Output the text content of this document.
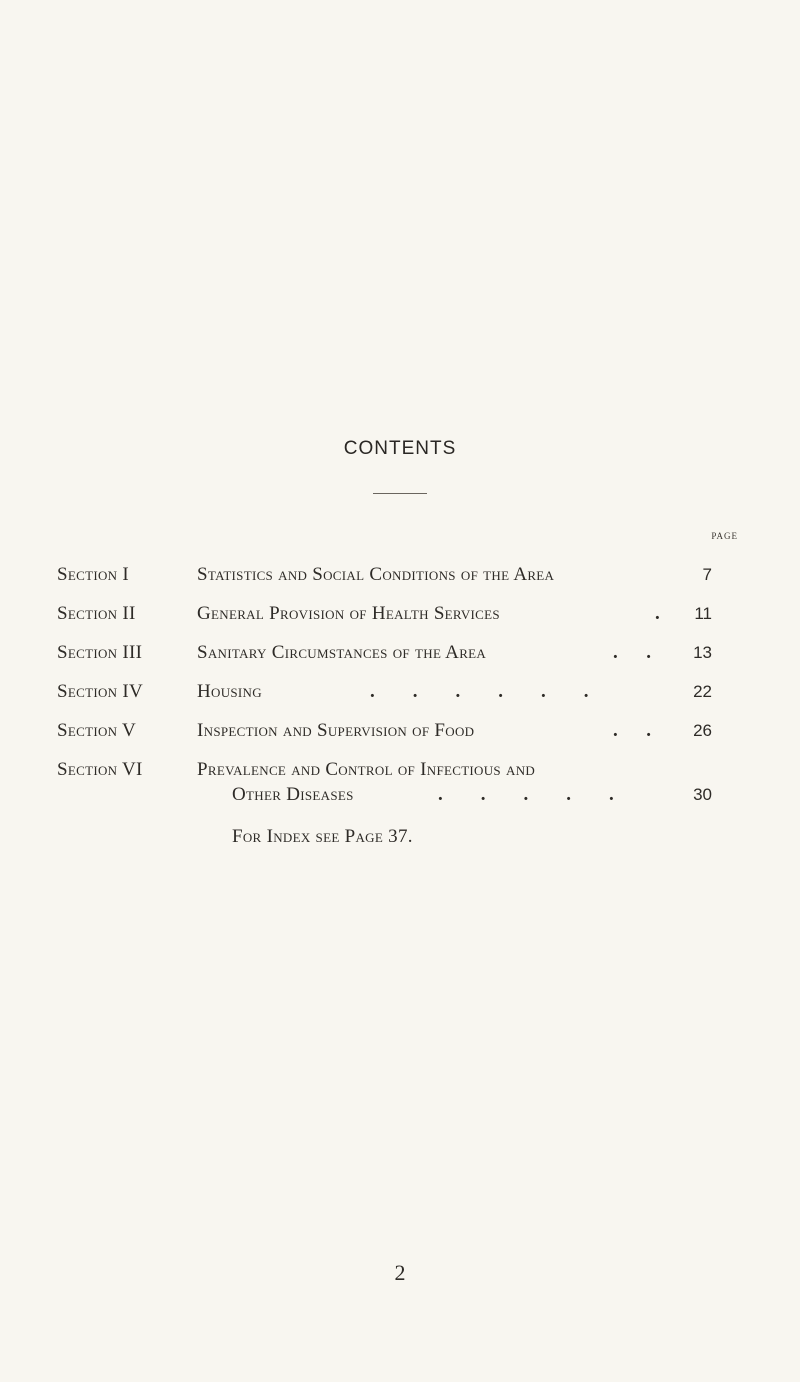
CONTENTS
page
Section I	Statistics and Social Conditions of the Area	7
Section II	General Provision of Health Services	.	11
Section III	Sanitary Circumstances of the Area	.      .	13
Section IV	Housing	.        .        .        .        .        .	22
Section V	Inspection and Supervision of Food	.      .	26
Section VI	Prevalence and Control of Infectious and
Other Diseases	.        .        .        .        .	30
For Index see Page 37.
2
